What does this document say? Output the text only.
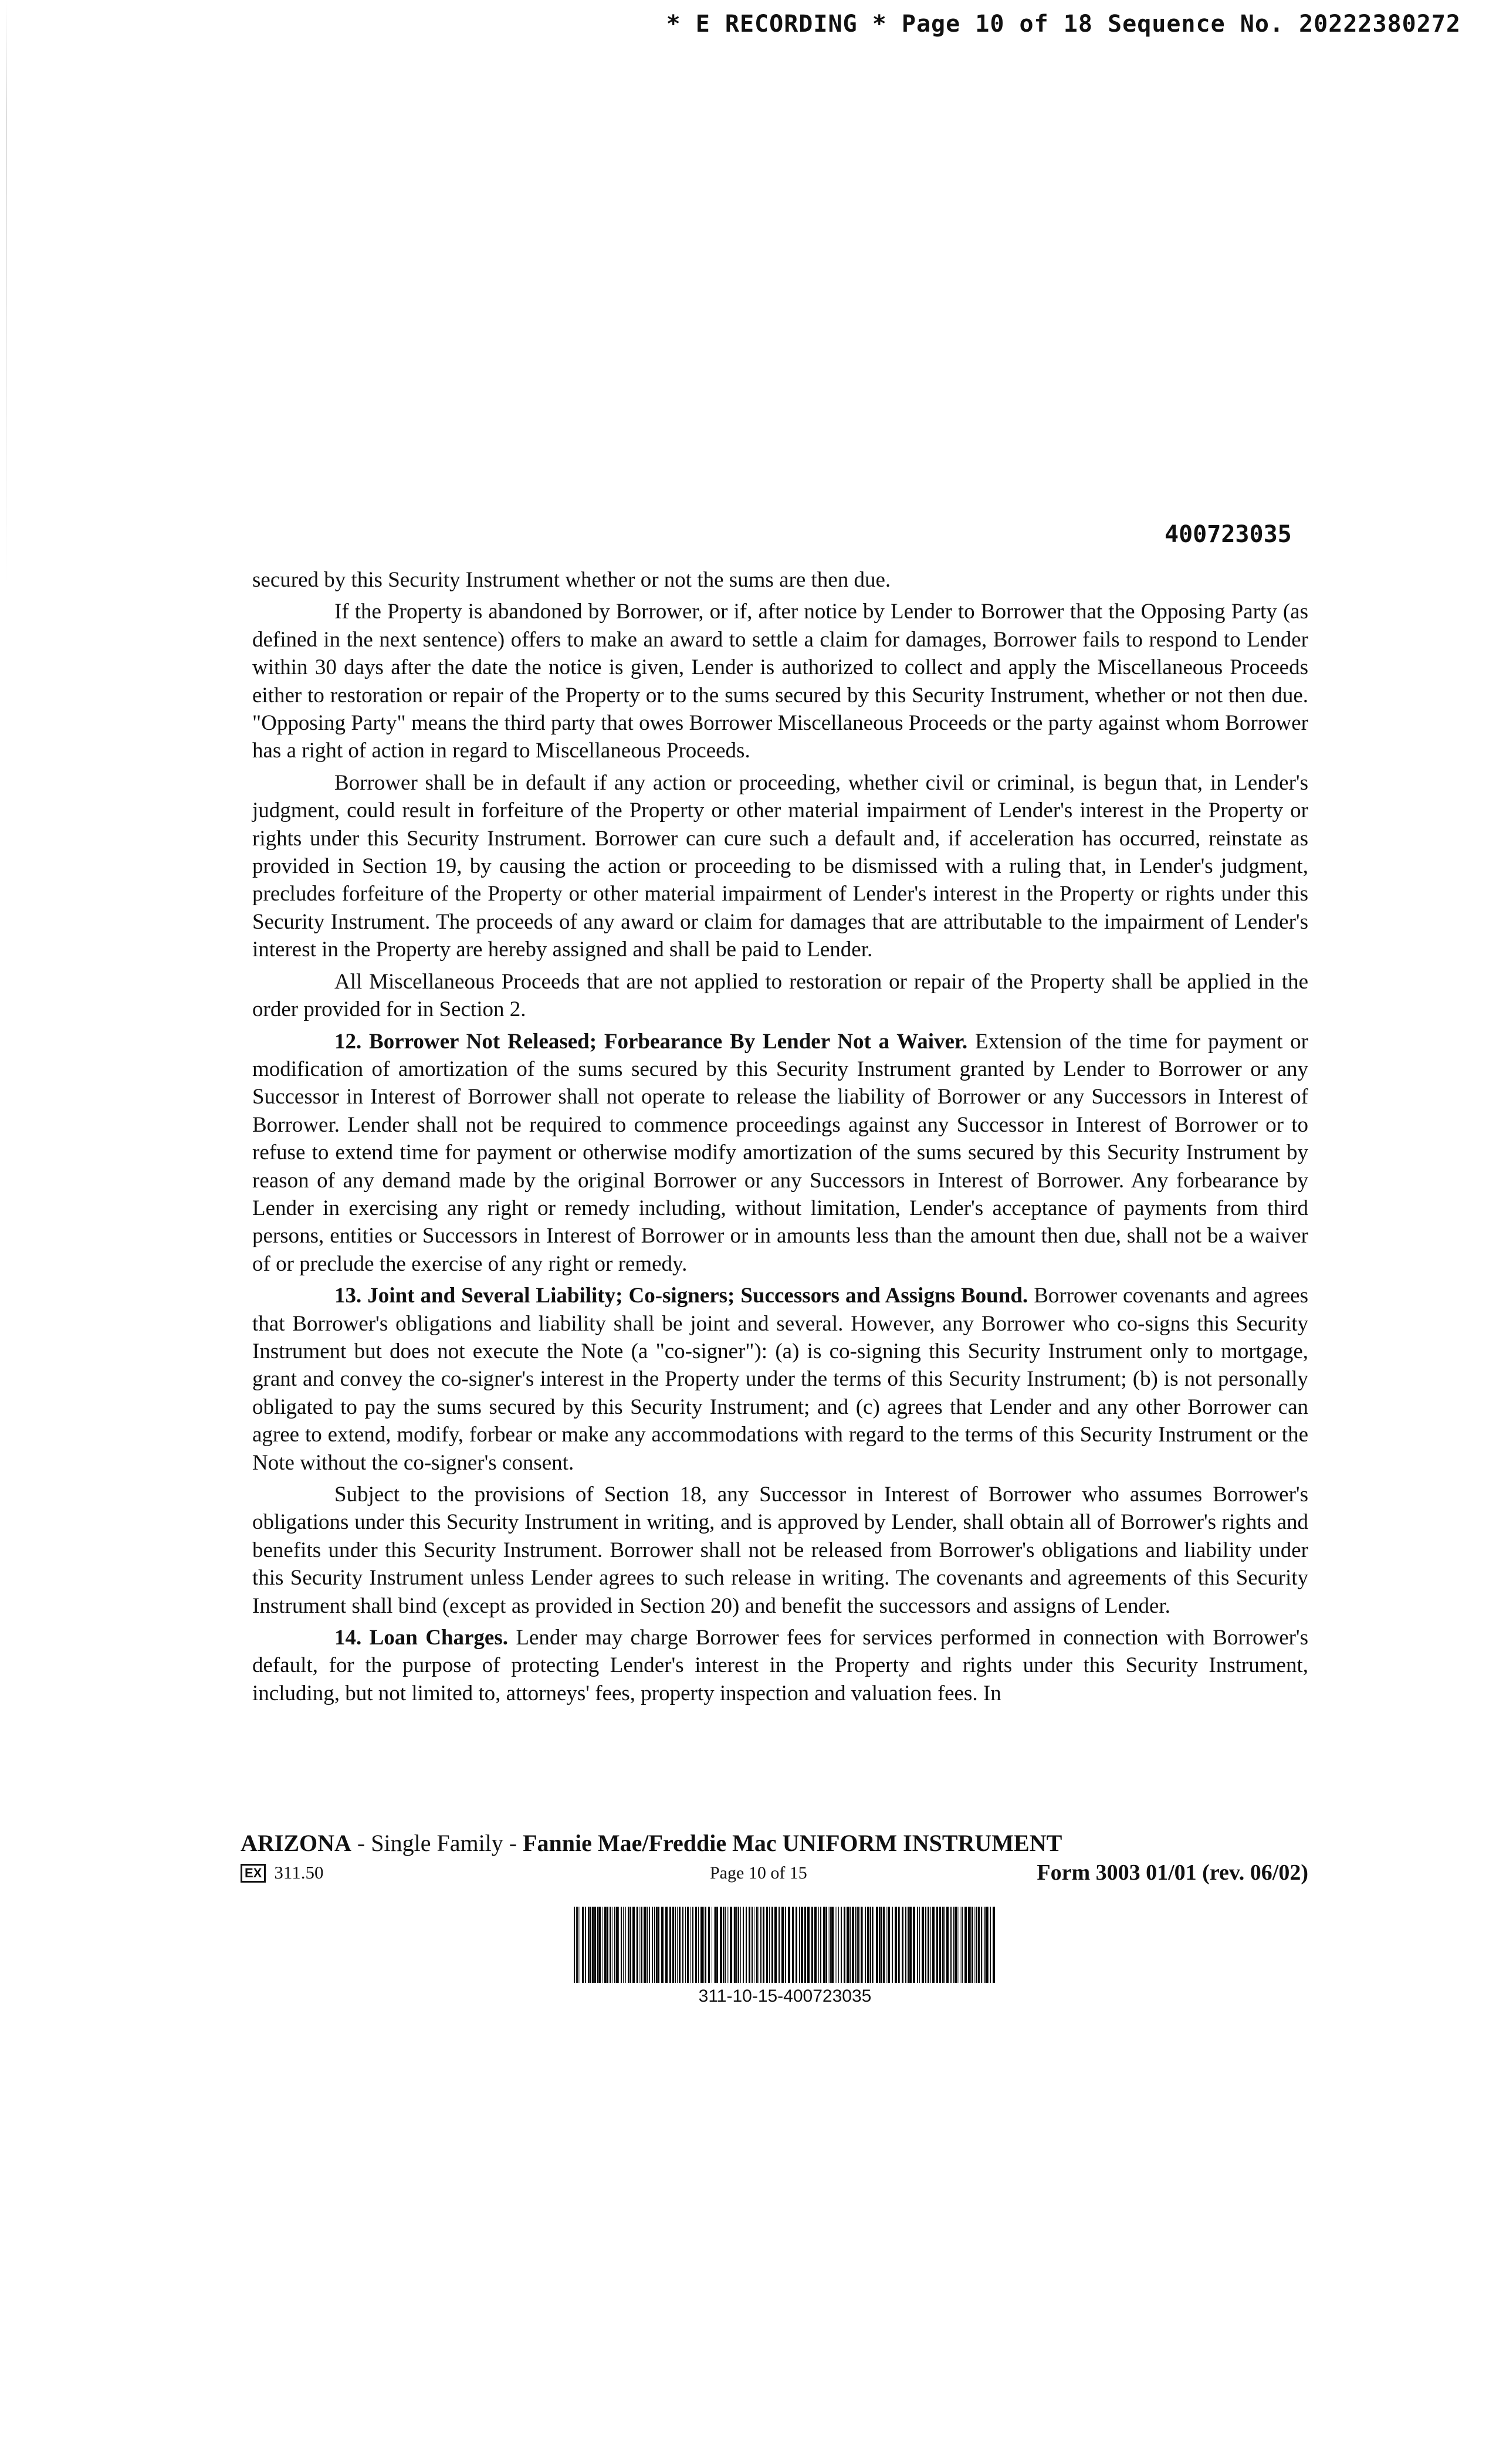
* E RECORDING * Page 10 of 18 Sequence No. 20222380272
400723035

secured by this Security Instrument whether or not the sums are then due.

If the Property is abandoned by Borrower, or if, after notice by Lender to Borrower that the Opposing Party (as defined in the next sentence) offers to make an award to settle a claim for damages, Borrower fails to respond to Lender within 30 days after the date the notice is given, Lender is authorized to collect and apply the Miscellaneous Proceeds either to restoration or repair of the Property or to the sums secured by this Security Instrument, whether or not then due. "Opposing Party" means the third party that owes Borrower Miscellaneous Proceeds or the party against whom Borrower has a right of action in regard to Miscellaneous Proceeds.

Borrower shall be in default if any action or proceeding, whether civil or criminal, is begun that, in Lender's judgment, could result in forfeiture of the Property or other material impairment of Lender's interest in the Property or rights under this Security Instrument. Borrower can cure such a default and, if acceleration has occurred, reinstate as provided in Section 19, by causing the action or proceeding to be dismissed with a ruling that, in Lender's judgment, precludes forfeiture of the Property or other material impairment of Lender's interest in the Property or rights under this Security Instrument. The proceeds of any award or claim for damages that are attributable to the impairment of Lender's interest in the Property are hereby assigned and shall be paid to Lender.

All Miscellaneous Proceeds that are not applied to restoration or repair of the Property shall be applied in the order provided for in Section 2.

12. Borrower Not Released; Forbearance By Lender Not a Waiver. Extension of the time for payment or modification of amortization of the sums secured by this Security Instrument granted by Lender to Borrower or any Successor in Interest of Borrower shall not operate to release the liability of Borrower or any Successors in Interest of Borrower. Lender shall not be required to commence proceedings against any Successor in Interest of Borrower or to refuse to extend time for payment or otherwise modify amortization of the sums secured by this Security Instrument by reason of any demand made by the original Borrower or any Successors in Interest of Borrower. Any forbearance by Lender in exercising any right or remedy including, without limitation, Lender's acceptance of payments from third persons, entities or Successors in Interest of Borrower or in amounts less than the amount then due, shall not be a waiver of or preclude the exercise of any right or remedy.

13. Joint and Several Liability; Co-signers; Successors and Assigns Bound. Borrower covenants and agrees that Borrower's obligations and liability shall be joint and several. However, any Borrower who co-signs this Security Instrument but does not execute the Note (a "co-signer"): (a) is co-signing this Security Instrument only to mortgage, grant and convey the co-signer's interest in the Property under the terms of this Security Instrument; (b) is not personally obligated to pay the sums secured by this Security Instrument; and (c) agrees that Lender and any other Borrower can agree to extend, modify, forbear or make any accommodations with regard to the terms of this Security Instrument or the Note without the co-signer's consent.

Subject to the provisions of Section 18, any Successor in Interest of Borrower who assumes Borrower's obligations under this Security Instrument in writing, and is approved by Lender, shall obtain all of Borrower's rights and benefits under this Security Instrument. Borrower shall not be released from Borrower's obligations and liability under this Security Instrument unless Lender agrees to such release in writing. The covenants and agreements of this Security Instrument shall bind (except as provided in Section 20) and benefit the successors and assigns of Lender.

14. Loan Charges. Lender may charge Borrower fees for services performed in connection with Borrower's default, for the purpose of protecting Lender's interest in the Property and rights under this Security Instrument, including, but not limited to, attorneys' fees, property inspection and valuation fees. In

ARIZONA - Single Family - Fannie Mae/Freddie Mac UNIFORM INSTRUMENT
EX 311.50	Page 10 of 15	Form 3003 01/01 (rev. 06/02)
311-10-15-400723035
